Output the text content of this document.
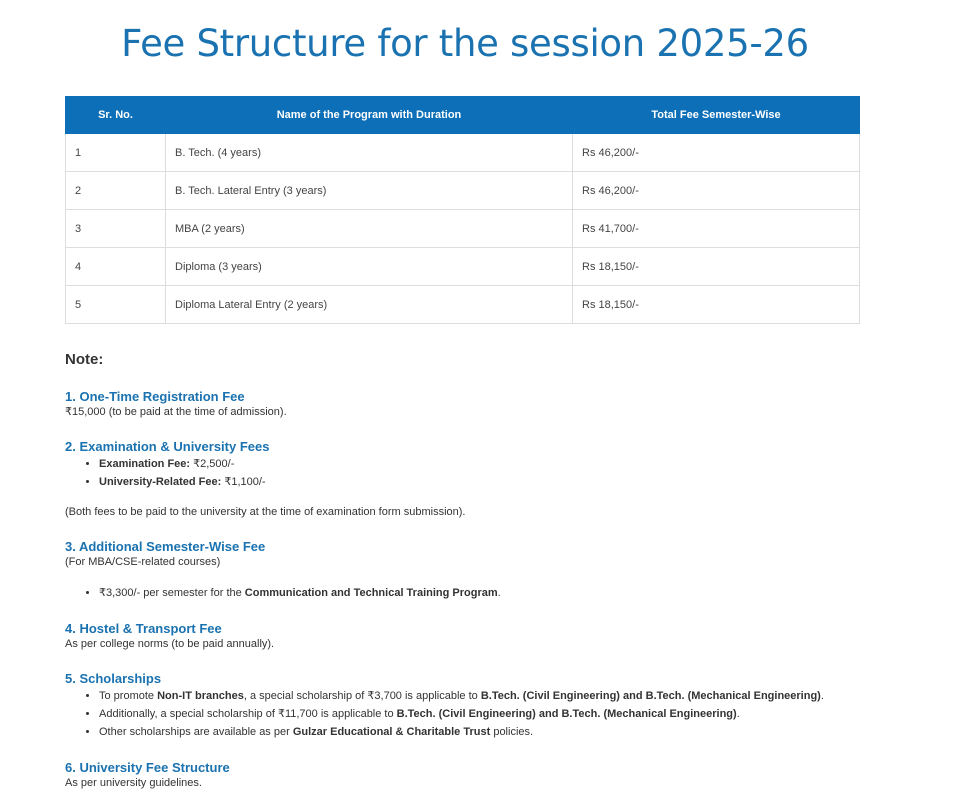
Fee Structure for the session 2025-26
Sr. No.	Name of the Program with Duration	Total Fee Semester-Wise
1	B. Tech. (4 years)	Rs 46,200/-
2	B. Tech. Lateral Entry (3 years)	Rs 46,200/-
3	MBA (2 years)	Rs 41,700/-
4	Diploma (3 years)	Rs 18,150/-
5	Diploma Lateral Entry (2 years)	Rs 18,150/-

Note:

1. One-Time Registration Fee

₹15,000 (to be paid at the time of admission).

2. Examination & University Fees

• Examination Fee: ₹2,500/-
• University-Related Fee: ₹1,100/-

(Both fees to be paid to the university at the time of examination form submission).

3. Additional Semester-Wise Fee

(For MBA/CSE-related courses)

• ₹3,300/- per semester for the Communication and Technical Training Program.

4. Hostel & Transport Fee

As per college norms (to be paid annually).

5. Scholarships

• To promote Non-IT branches, a special scholarship of ₹3,700 is applicable to B.Tech. (Civil Engineering) and B.Tech. (Mechanical Engineering).
• Additionally, a special scholarship of ₹11,700 is applicable to B.Tech. (Civil Engineering) and B.Tech. (Mechanical Engineering).
• Other scholarships are available as per Gulzar Educational & Charitable Trust policies.

6. University Fee Structure

As per university guidelines.
